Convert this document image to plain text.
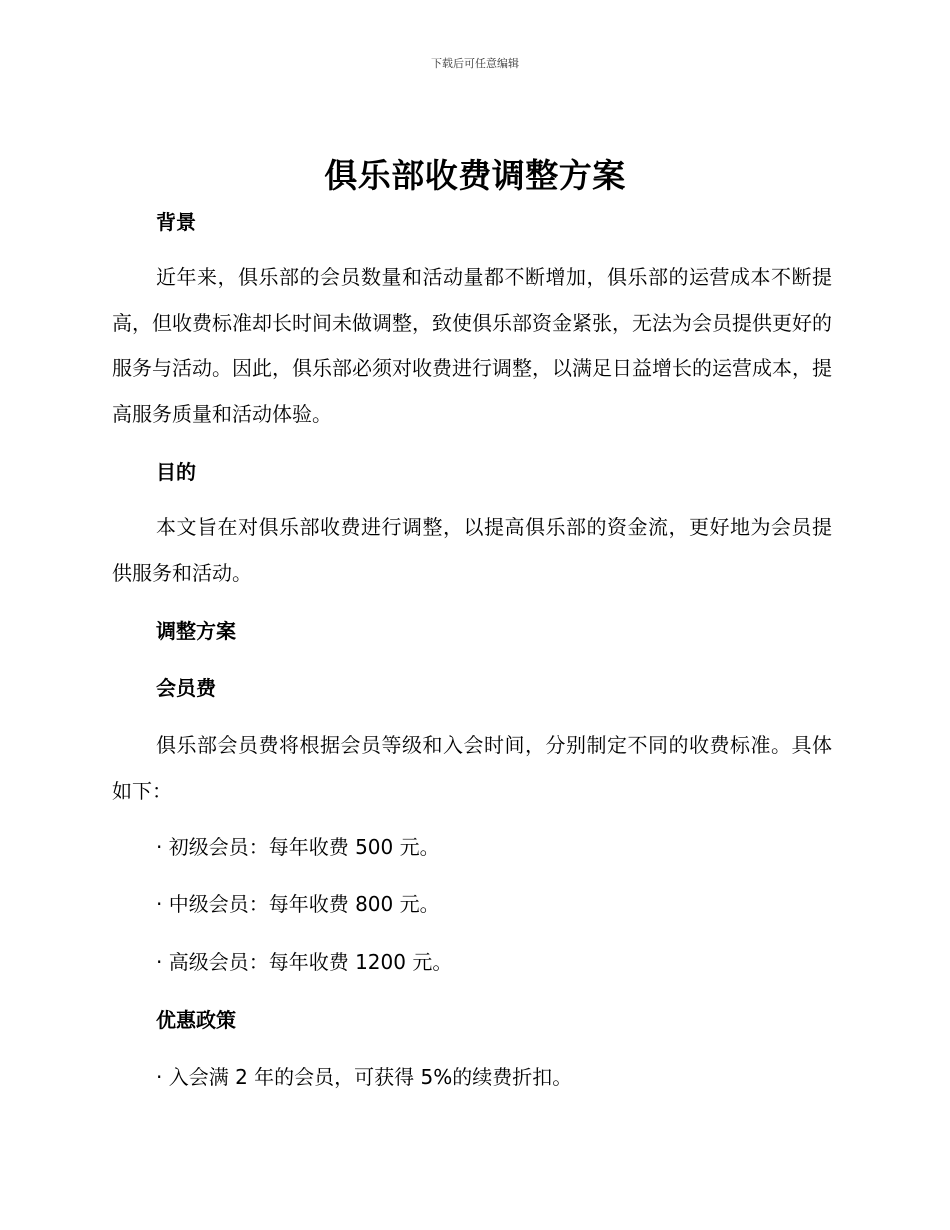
下载后可任意编辑
俱乐部收费调整方案

背景

近年来，俱乐部的会员数量和活动量都不断增加，俱乐部的运营成本不断提高，但收费标准却长时间未做调整，致使俱乐部资金紧张，无法为会员提供更好的服务与活动。因此，俱乐部必须对收费进行调整，以满足日益增长的运营成本，提高服务质量和活动体验。

目的

本文旨在对俱乐部收费进行调整，以提高俱乐部的资金流，更好地为会员提供服务和活动。

调整方案

会员费

俱乐部会员费将根据会员等级和入会时间，分别制定不同的收费标准。具体如下：

· 初级会员：每年收费 500 元。

· 中级会员：每年收费 800 元。

· 高级会员：每年收费 1200 元。

优惠政策

· 入会满 2 年的会员，可获得 5%的续费折扣。
